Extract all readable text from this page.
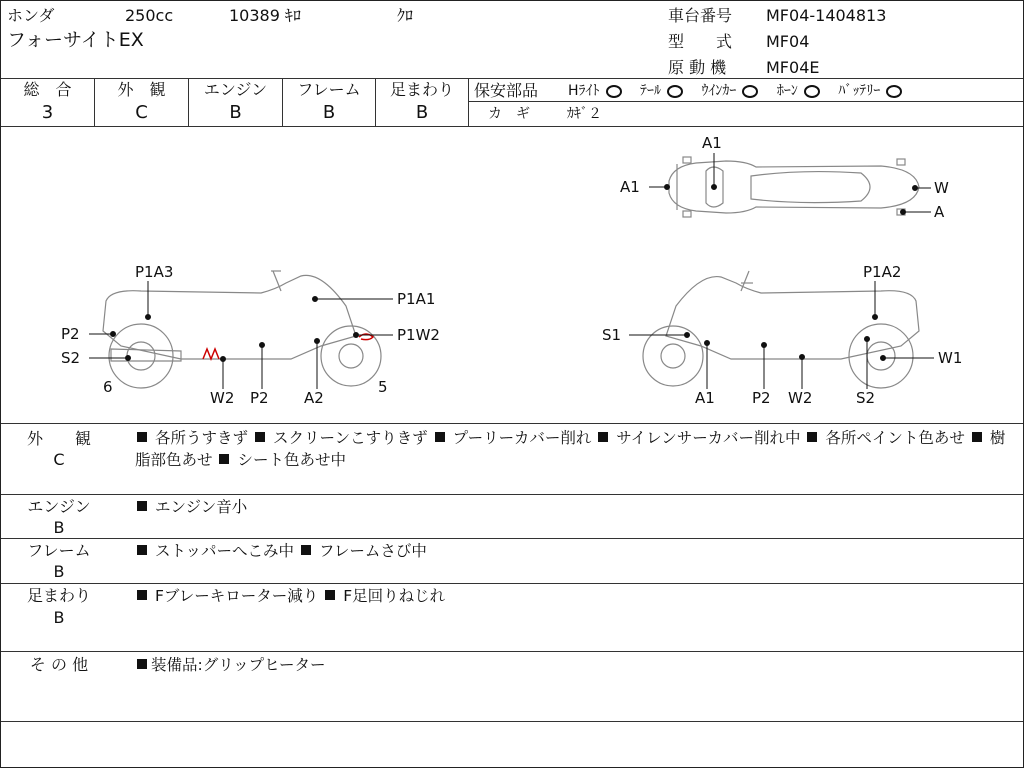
ホンダ	250cc	10389 ｷﾛ	ｸﾛ
フォーサイトEX
車台番号 MF04-1404813
型　　式 MF04
原 動 機 MF04E
総　合
3
外　観
C
エンジン
B
フレーム
B
足まわり
B
保安部品 Hﾗｲﾄ	ﾃｰﾙ	ｳｲﾝｶｰ	ﾎｰﾝ	ﾊﾞｯﾃﾘｰ
カ　ギ	ｶｷﾞ２
A1
A1	W
A
P1A3
P1A1
P1W2
P2
S2
6	5
W2 P2 A2
P1A2
S1
W1
A1 P2 W2	S2
外　　観
C
各所うすきず スクリーンこすりきず プーリーカバー削れ サイレンサーカバー削れ中 各所ペイント色あせ 樹脂部色あせ シート色あせ中
エンジン
B
エンジン音小
フレーム
B
ストッパーへこみ中 フレームさび中
足まわり
B
Fブレーキローター減り F足回りねじれ
そ の 他	装備品:グリップヒーター
